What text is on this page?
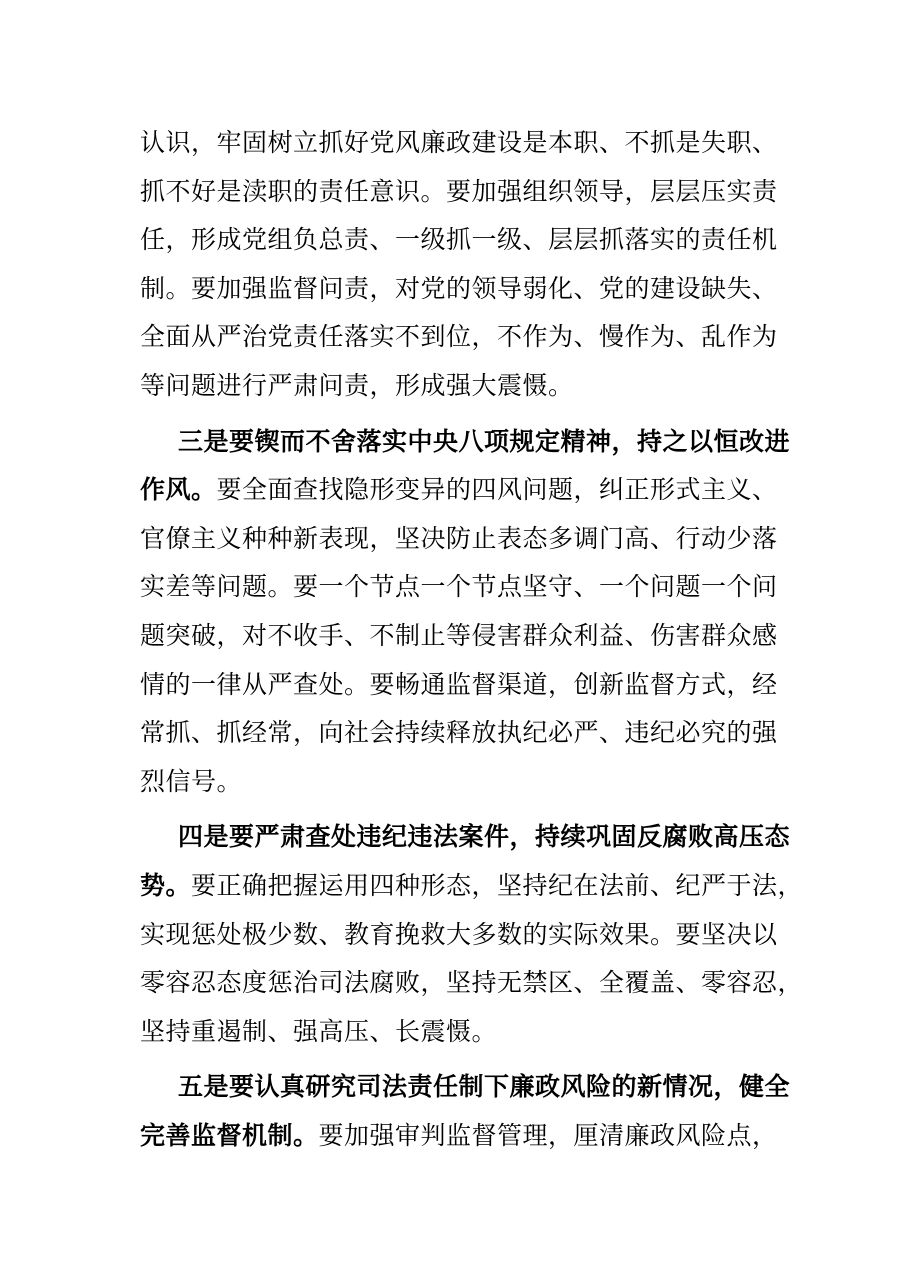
认识，牢固树立抓好党风廉政建设是本职、不抓是失职、
抓不好是渎职的责任意识。要加强组织领导，层层压实责
任，形成党组负总责、一级抓一级、层层抓落实的责任机
制。要加强监督问责，对党的领导弱化、党的建设缺失、
全面从严治党责任落实不到位，不作为、慢作为、乱作为
等问题进行严肃问责，形成强大震慑。
三是要锲而不舍落实中央八项规定精神，持之以恒改进
作风。要全面查找隐形变异的四风问题，纠正形式主义、
官僚主义种种新表现，坚决防止表态多调门高、行动少落
实差等问题。要一个节点一个节点坚守、一个问题一个问
题突破，对不收手、不制止等侵害群众利益、伤害群众感
情的一律从严查处。要畅通监督渠道，创新监督方式，经
常抓、抓经常，向社会持续释放执纪必严、违纪必究的强
烈信号。
四是要严肃查处违纪违法案件，持续巩固反腐败高压态
势。要正确把握运用四种形态，坚持纪在法前、纪严于法，
实现惩处极少数、教育挽救大多数的实际效果。要坚决以
零容忍态度惩治司法腐败，坚持无禁区、全覆盖、零容忍，
坚持重遏制、强高压、长震慑。
五是要认真研究司法责任制下廉政风险的新情况，健全
完善监督机制。要加强审判监督管理，厘清廉政风险点，
